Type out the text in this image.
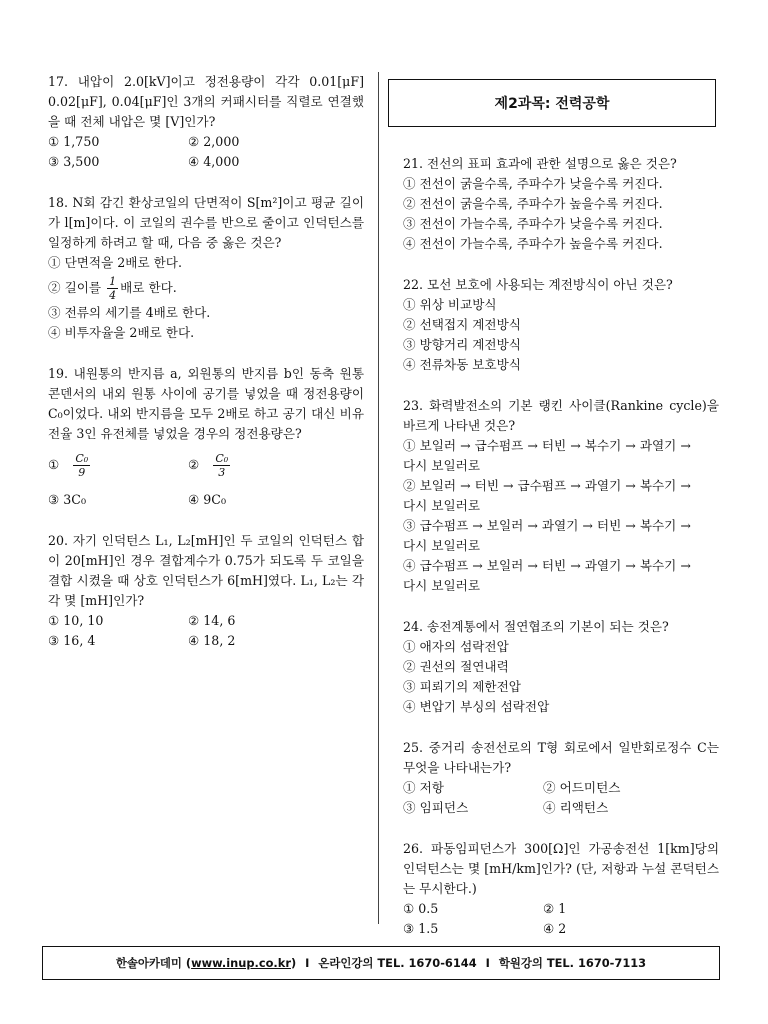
17. 내압이 2.0[kV]이고 정전용량이 각각 0.01[μF] 0.02[μF], 0.04[μF]인 3개의 커패시터를 직렬로 연결했을 때 전체 내압은 몇 [V]인가?
① 1,750	② 2,000
③ 3,500	④ 4,000
18. N회 감긴 환상코일의 단면적이 S[m²]이고 평균 길이가 l[m]이다. 이 코일의 권수를 반으로 줄이고 인덕턴스를 일정하게 하려고 할 때, 다음 중 옳은 것은?
① 단면적을 2배로 한다.
② 길이를
$\frac{1}{4}$ 배로 한다.
③ 전류의 세기를 4배로 한다.
④ 비투자율을 2배로 한다.
19. 내원통의 반지름 a, 외원통의 반지름 b인 동축 원통 콘덴서의 내외 원통 사이에 공기를 넣었을 때 정전용량이 C₀이었다. 내외 반지름을 모두 2배로 하고 공기 대신 비유전율 3인 유전체를 넣었을 경우의 정전용량은?
① $\frac{\text{C₀}}{9}$	② $\frac{\text{C₀}}{3}$
③ 3C₀	④ 9C₀
20. 자기 인덕턴스 L₁, L₂[mH]인 두 코일의 인덕턴스 합이 20[mH]인 경우 결합계수가 0.75가 되도록 두 코일을 결합 시켰을 때 상호 인덕턴스가 6[mH]였다. L₁, L₂는 각각 몇 [mH]인가?
① 10, 10	② 14, 6
③ 16, 4	④ 18, 2
제2과목: 전력공학
21. 전선의 표피 효과에 관한 설명으로 옳은 것은?
① 전선이 굵을수록, 주파수가 낮을수록 커진다.
② 전선이 굵을수록, 주파수가 높을수록 커진다.
③ 전선이 가늘수록, 주파수가 낮을수록 커진다.
④ 전선이 가늘수록, 주파수가 높을수록 커진다.
22. 모선 보호에 사용되는 계전방식이 아닌 것은?
① 위상 비교방식
② 선택접지 계전방식
③ 방향거리 계전방식
④ 전류차동 보호방식
23. 화력발전소의 기본 랭킨 사이클(Rankine cycle)을 바르게 나타낸 것은?
① 보일러 → 급수펌프 → 터빈 → 복수기 → 과열기 →
다시 보일러로
② 보일러 → 터빈 → 급수펌프 → 과열기 → 복수기 →
다시 보일러로
③ 급수펌프 → 보일러 → 과열기 → 터빈 → 복수기 →
다시 보일러로
④ 급수펌프 → 보일러 → 터빈 → 과열기 → 복수기 →
다시 보일러로
24. 송전계통에서 절연협조의 기본이 되는 것은?
① 애자의 섬락전압
② 권선의 절연내력
③ 피뢰기의 제한전압
④ 변압기 부싱의 섬락전압
25. 중거리 송전선로의 T형 회로에서 일반회로정수 C는 무엇을 나타내는가?
① 저항	② 어드미턴스
③ 임피던스	④ 리액턴스
26. 파동임피던스가 300[Ω]인 가공송전선 1[km]당의 인덕턴스는 몇 [mH/km]인가? (단, 저항과 누설 콘덕턴스는 무시한다.)
① 0.5	② 1
③ 1.5	④ 2
한솔아카데미 ( www.inup.co.kr ) I 온라인강의 TEL. 1670-6144 I 학원강의 TEL. 1670-7113
